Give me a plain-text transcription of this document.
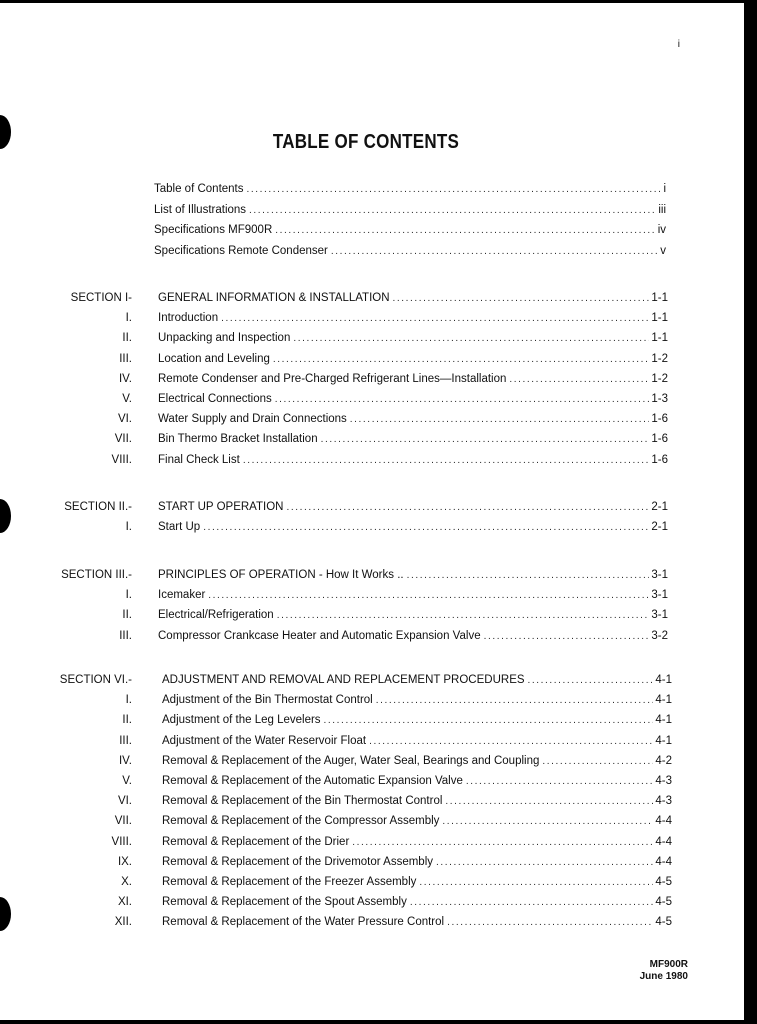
i
TABLE OF CONTENTS
Table of Contents .....	i
List of Illustrations .....	iii
Specifications MF900R .....	iv
Specifications Remote Condenser .....	v
SECTION I- GENERAL INFORMATION & INSTALLATION .....	1-1
I. Introduction .....	1-1
II. Unpacking and Inspection .....	1-1
III. Location and Leveling .....	1-2
IV. Remote Condenser and Pre-Charged Refrigerant Lines—Installation .....	1-2
V. Electrical Connections .....	1-3
VI. Water Supply and Drain Connections .....	1-6
VII. Bin Thermo Bracket Installation .....	1-6
VIII. Final Check List .....	1-6
SECTION II.- START UP OPERATION .....	2-1
I. Start Up .....	2-1
SECTION III.- PRINCIPLES OF OPERATION - How It Works .. .....	3-1
I. Icemaker .....	3-1
II. Electrical/Refrigeration .....	3-1
III. Compressor Crankcase Heater and Automatic Expansion Valve .....	3-2
SECTION VI.-	ADJUSTMENT AND REMOVAL AND REPLACEMENT PROCEDURES .....	4-1
I.	Adjustment of the Bin Thermostat Control .....	4-1
II.	Adjustment of the Leg Levelers .....	4-1
III.	Adjustment of the Water Reservoir Float .....	4-1
IV.	Removal & Replacement of the Auger, Water Seal, Bearings and Coupling .....	4-2
V.	Removal & Replacement of the Automatic Expansion Valve .....	4-3
VI.	Removal & Replacement of the Bin Thermostat Control .....	4-3
VII.	Removal & Replacement of the Compressor Assembly .....	4-4
VIII.	Removal & Replacement of the Drier .....	4-4
IX.	Removal & Replacement of the Drivemotor Assembly .....	4-4
X.	Removal & Replacement of the Freezer Assembly .....	4-5
XI.	Removal & Replacement of the Spout Assembly .....	4-5
XII.	Removal & Replacement of the Water Pressure Control .....	4-5
MF900R
June 1980
